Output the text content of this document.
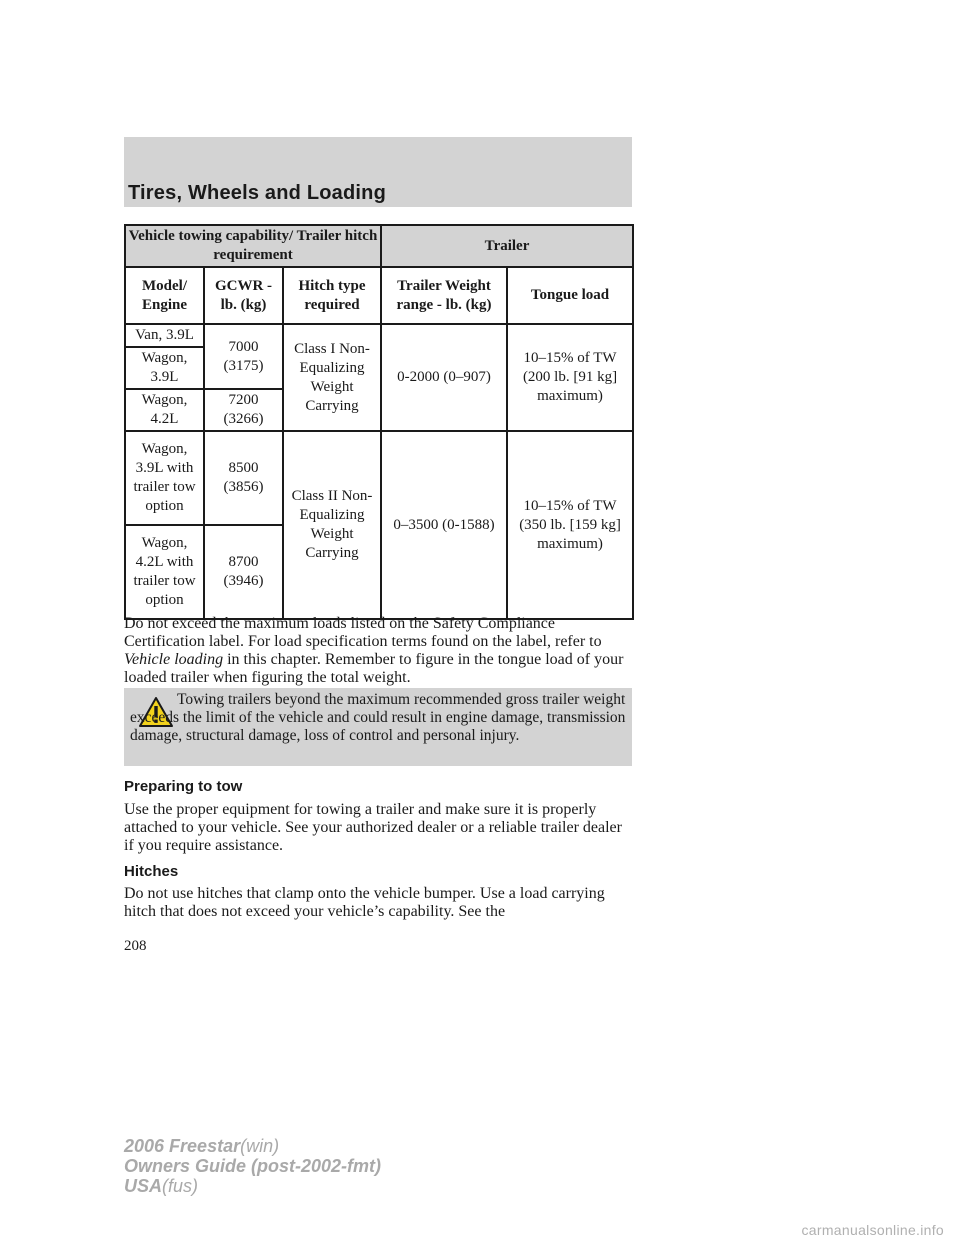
Tires, Wheels and Loading
Vehicle towing capability/ Trailer hitch requirement			Trailer	
Model/ Engine	GCWR - lb. (kg)	Hitch type required	Trailer Weight range - lb. (kg)	Tongue load
Van, 3.9L	7000 (3175)	Class I Non-Equalizing Weight Carrying	0-2000 (0–907)	10–15% of TW (200 lb. [91 kg] maximum)
Wagon, 3.9L				
Wagon, 4.2L	7200 (3266)			
Wagon, 3.9L with trailer tow option	8500 (3856)	Class II Non-Equalizing Weight Carrying	0–3500 (0-1588)	10–15% of TW (350 lb. [159 kg] maximum)
Wagon, 4.2L with trailer tow option	8700 (3946)			

Do not exceed the maximum loads listed on the Safety Compliance Certification label. For load specification terms found on the label, refer to Vehicle loading in this chapter. Remember to figure in the tongue load of your loaded trailer when figuring the total weight.

Towing trailers beyond the maximum recommended gross trailer weight exceeds the limit of the vehicle and could result in engine damage, transmission damage, structural damage, loss of control and personal injury.

Preparing to tow

Use the proper equipment for towing a trailer and make sure it is properly attached to your vehicle. See your authorized dealer or a reliable trailer dealer if you require assistance.

Hitches

Do not use hitches that clamp onto the vehicle bumper. Use a load carrying hitch that does not exceed your vehicle’s capability. See the

208
2006 Freestar(win)
Owners Guide (post-2002-fmt)
USA(fus)
carmanualsonline.info
